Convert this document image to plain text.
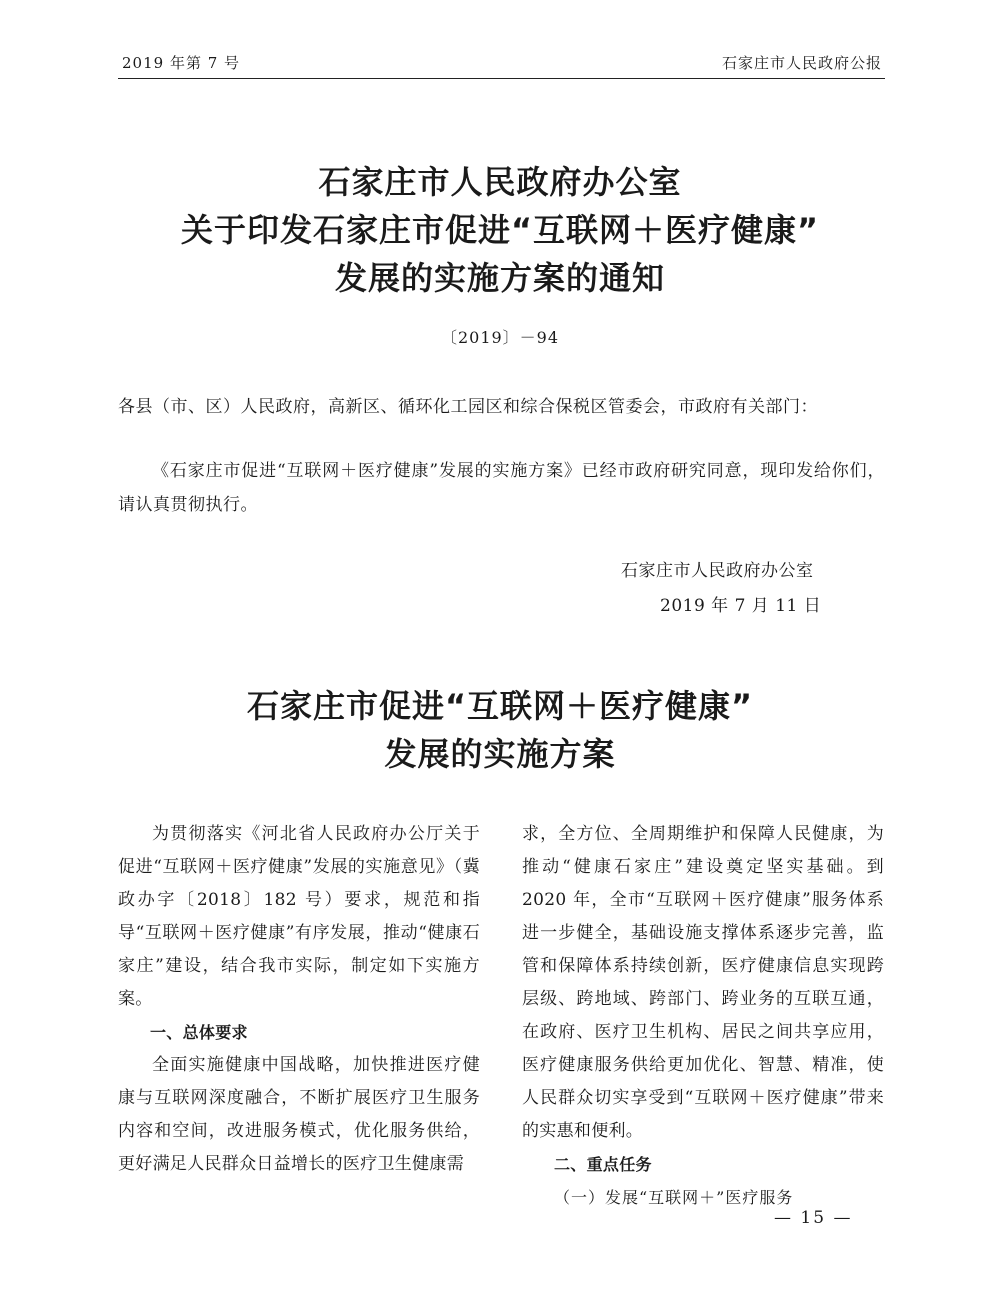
2019 年第 7 号	石家庄市人民政府公报
石家庄市人民政府办公室
关于印发石家庄市促进“互联网＋医疗健康”
发展的实施方案的通知
〔2019〕－94
各县（市、区）人民政府，高新区、循环化工园区和综合保税区管委会，市政府有关部门：
《石家庄市促进“互联网＋医疗健康”发展的实施方案》已经市政府研究同意，现印发给你们，请认真贯彻执行。
石家庄市人民政府办公室
2019 年 7 月 11 日
石家庄市促进“互联网＋医疗健康”
发展的实施方案

为贯彻落实《河北省人民政府办公厅关于促进“互联网＋医疗健康”发展的实施意见》（冀政办字〔2018〕182 号）要求，规范和指导“互联网＋医疗健康”有序发展，推动“健康石家庄”建设，结合我市实际，制定如下实施方案。

一、总体要求

全面实施健康中国战略，加快推进医疗健康与互联网深度融合，不断扩展医疗卫生服务内容和空间，改进服务模式，优化服务供给，更好满足人民群众日益增长的医疗卫生健康需

求，全方位、全周期维护和保障人民健康，为推动“健康石家庄”建设奠定坚实基础。到 2020 年，全市“互联网＋医疗健康”服务体系进一步健全，基础设施支撑体系逐步完善，监管和保障体系持续创新，医疗健康信息实现跨层级、跨地域、跨部门、跨业务的互联互通，在政府、医疗卫生机构、居民之间共享应用，医疗健康服务供给更加优化、智慧、精准，使人民群众切实享受到“互联网＋医疗健康”带来的实惠和便利。

二、重点任务

（一）发展“互联网＋”医疗服务

— 15 —
